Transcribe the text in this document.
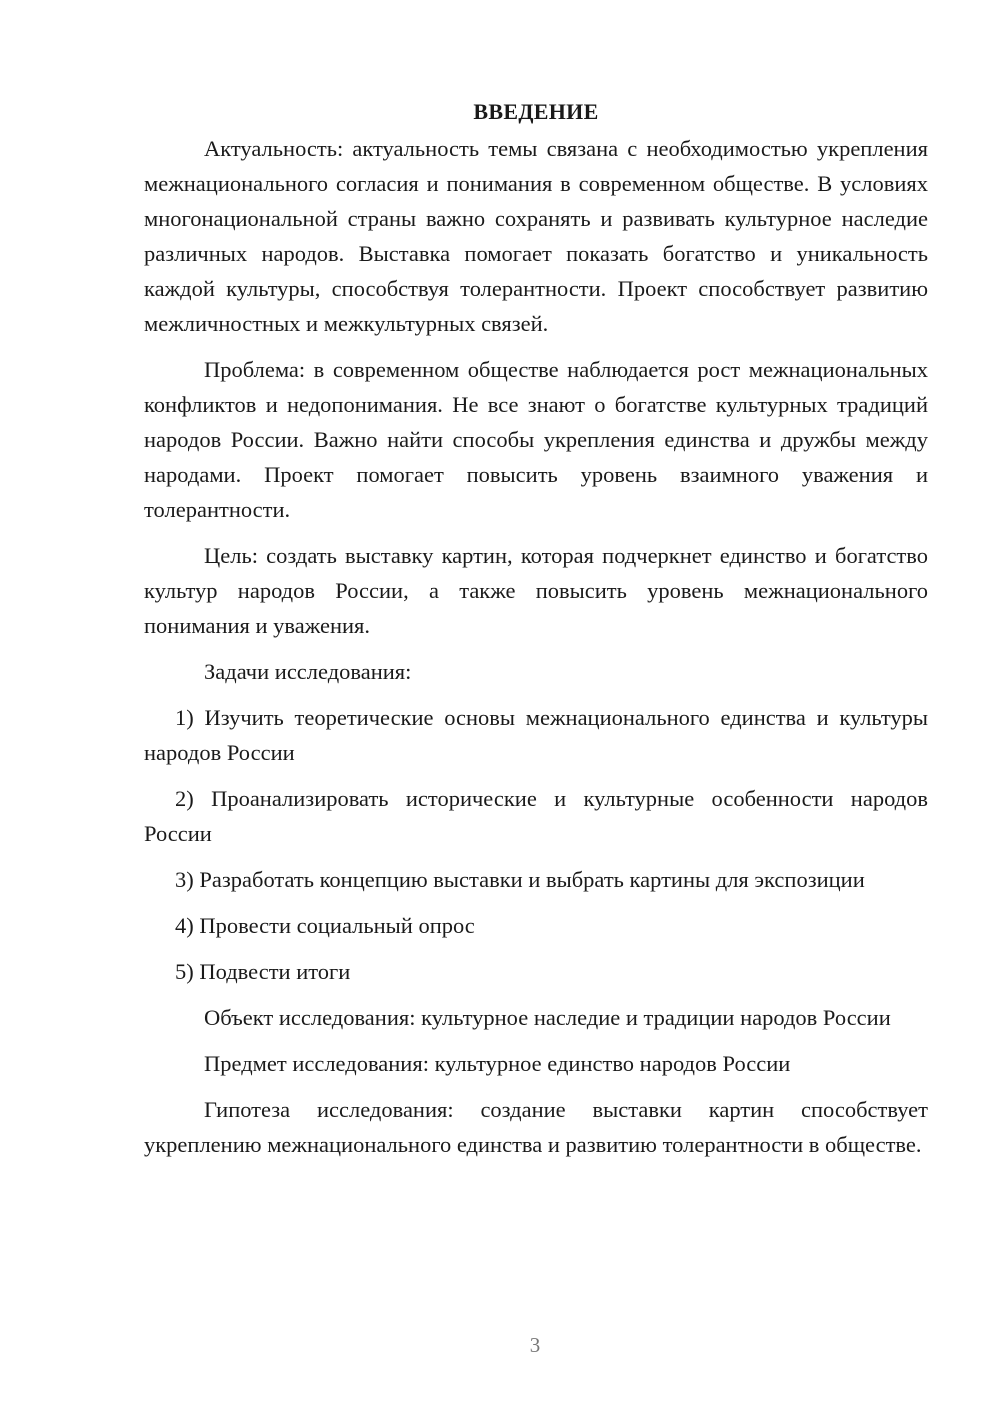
ВВЕДЕНИЕ

Актуальность: актуальность темы связана с необходимостью укрепления межнационального согласия и понимания в современном обществе. В условиях многонациональной страны важно сохранять и развивать культурное наследие различных народов. Выставка помогает показать богатство и уникальность каждой культуры, способствуя толерантности. Проект способствует развитию межличностных и межкультурных связей.

Проблема: в современном обществе наблюдается рост межнациональных конфликтов и недопонимания. Не все знают о богатстве культурных традиций народов России. Важно найти способы укрепления единства и дружбы между народами. Проект помогает повысить уровень взаимного уважения и толерантности.

Цель: создать выставку картин, которая подчеркнет единство и богатство культур народов России, а также повысить уровень межнационального понимания и уважения.

Задачи исследования:

1) Изучить теоретические основы межнационального единства и культуры народов России

2) Проанализировать исторические и культурные особенности народов России

3) Разработать концепцию выставки и выбрать картины для экспозиции

4) Провести социальный опрос

5) Подвести итоги

Объект исследования: культурное наследие и традиции народов России

Предмет исследования: культурное единство народов России

Гипотеза исследования: создание выставки картин способствует укреплению межнационального единства и развитию толерантности в обществе.

3
